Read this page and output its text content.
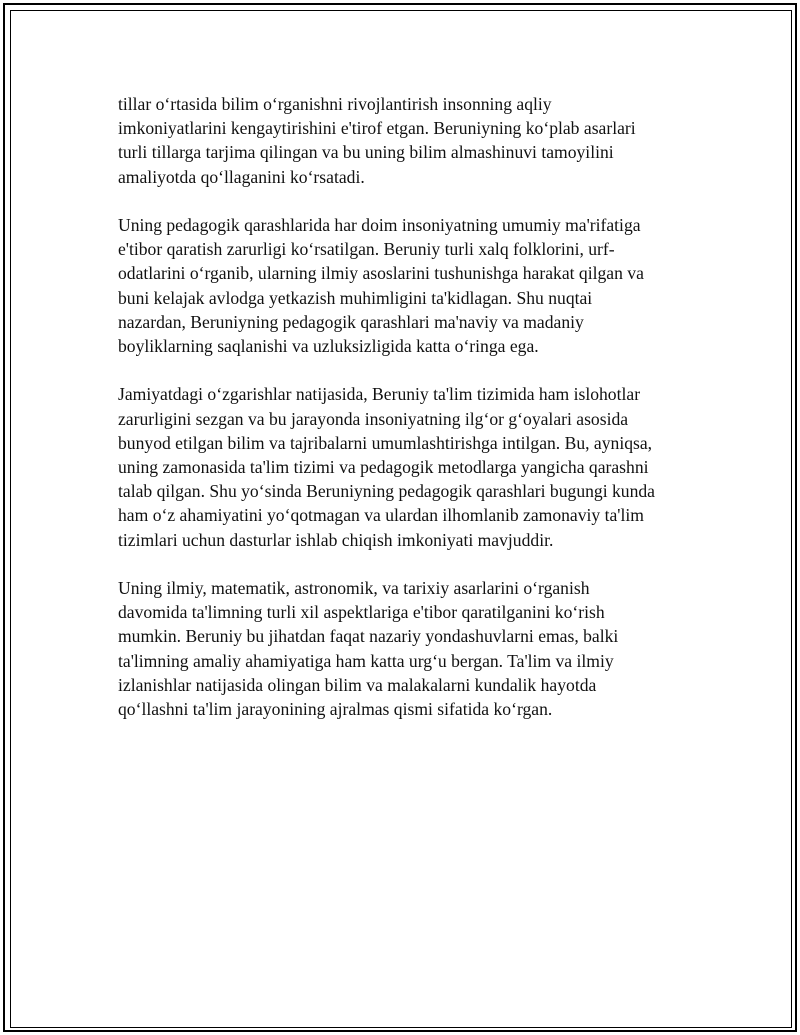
tillar oʻrtasida bilim oʻrganishni rivojlantirish insonning aqliy
imkoniyatlarini kengaytirishini e'tirof etgan. Beruniyning koʻplab asarlari
turli tillarga tarjima qilingan va bu uning bilim almashinuvi tamoyilini
amaliyotda qoʻllaganini koʻrsatadi.

Uning pedagogik qarashlarida har doim insoniyatning umumiy ma'rifatiga
e'tibor qaratish zarurligi koʻrsatilgan. Beruniy turli xalq folklorini, urf-
odatlarini oʻrganib, ularning ilmiy asoslarini tushunishga harakat qilgan va
buni kelajak avlodga yetkazish muhimligini ta'kidlagan. Shu nuqtai
nazardan, Beruniyning pedagogik qarashlari ma'naviy va madaniy
boyliklarning saqlanishi va uzluksizligida katta oʻringa ega.

Jamiyatdagi oʻzgarishlar natijasida, Beruniy ta'lim tizimida ham islohotlar
zarurligini sezgan va bu jarayonda insoniyatning ilgʻor gʻoyalari asosida
bunyod etilgan bilim va tajribalarni umumlashtirishga intilgan. Bu, ayniqsa,
uning zamonasida ta'lim tizimi va pedagogik metodlarga yangicha qarashni
talab qilgan. Shu yoʻsinda Beruniyning pedagogik qarashlari bugungi kunda
ham oʻz ahamiyatini yoʻqotmagan va ulardan ilhomlanib zamonaviy ta'lim
tizimlari uchun dasturlar ishlab chiqish imkoniyati mavjuddir.

Uning ilmiy, matematik, astronomik, va tarixiy asarlarini oʻrganish
davomida ta'limning turli xil aspektlariga e'tibor qaratilganini koʻrish
mumkin. Beruniy bu jihatdan faqat nazariy yondashuvlarni emas, balki
ta'limning amaliy ahamiyatiga ham katta urgʻu bergan. Ta'lim va ilmiy
izlanishlar natijasida olingan bilim va malakalarni kundalik hayotda
qoʻllashni ta'lim jarayonining ajralmas qismi sifatida koʻrgan.
